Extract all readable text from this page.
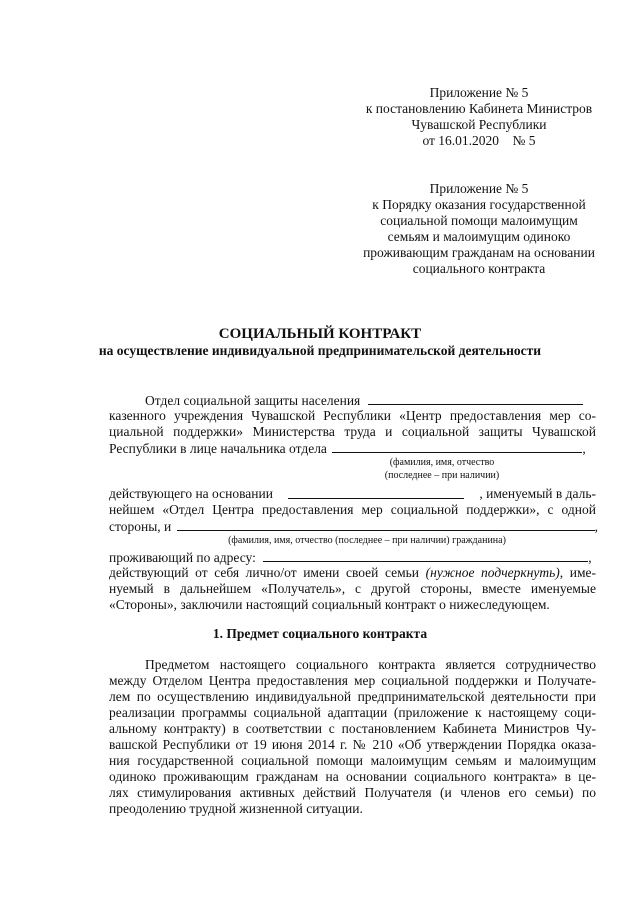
Приложение № 5
к постановлению Кабинета Министров
Чувашской Республики
от 16.01.2020    № 5
Приложение № 5
к Порядку оказания государственной
социальной помощи малоимущим
семьям и малоимущим одиноко
проживающим гражданам на основании
социального контракта
СОЦИАЛЬНЫЙ КОНТРАКТ
на осуществление индивидуальной предпринимательской деятельности
Отдел социальной защиты населения
казенного учреждения Чувашской Республики «Центр предоставления мер со-
циальной поддержки» Министерства труда и социальной защиты Чувашской
Республики в лице начальника отдела	,
(фамилия, имя, отчество
(последнее – при наличии)
действующего на основании	, именуемый в даль-
нейшем «Отдел Центра предоставления мер социальной поддержки», с одной
стороны, и	,
(фамилия, имя, отчество (последнее – при наличии) гражданина)
проживающий по адресу:	,
действующий от себя лично/от имени своей семьи (нужное подчеркнуть), име-
нуемый в дальнейшем «Получатель», с другой стороны, вместе именуемые
«Стороны», заключили настоящий социальный контракт о нижеследующем.
1. Предмет социального контракта
Предметом настоящего социального контракта является сотрудничество
между Отделом Центра предоставления мер социальной поддержки и Получате-
лем по осуществлению индивидуальной предпринимательской деятельности при
реализации программы социальной адаптации (приложение к настоящему соци-
альному контракту) в соответствии с постановлением Кабинета Министров Чу-
вашской Республики от 19 июня 2014 г. № 210 «Об утверждении Порядка оказа-
ния государственной социальной помощи малоимущим семьям и малоимущим
одиноко проживающим гражданам на основании социального контракта» в це-
лях стимулирования активных действий Получателя (и членов его семьи) по
преодолению трудной жизненной ситуации.
